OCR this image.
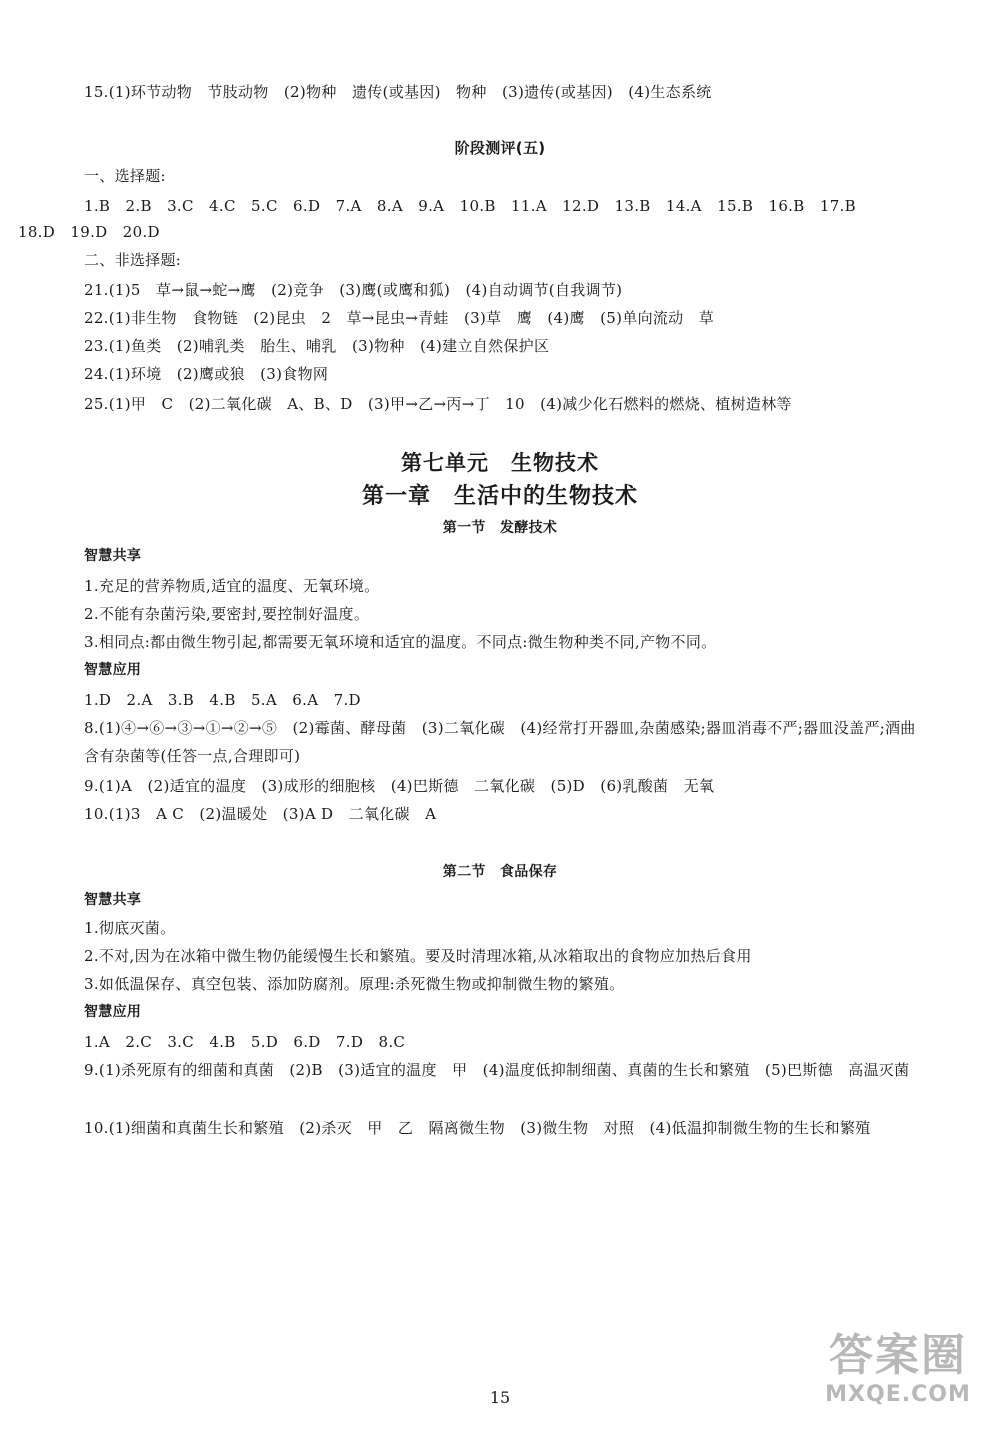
15.(1)环节动物　节肢动物　(2)物种　遗传(或基因)　物种　(3)遗传(或基因)　(4)生态系统
阶段测评(五)
一、选择题:
1.B　2.B　3.C　4.C　5.C　6.D　7.A　8.A　9.A　10.B　11.A　12.D　13.B　14.A　15.B　16.B　17.B
18.D　19.D　20.D
二、非选择题:
21.(1)5　草→鼠→蛇→鹰　(2)竞争　(3)鹰(或鹰和狐)　(4)自动调节(自我调节)
22.(1)非生物　食物链　(2)昆虫　2　草→昆虫→青蛙　(3)草　鹰　(4)鹰　(5)单向流动　草
23.(1)鱼类　(2)哺乳类　胎生、哺乳　(3)物种　(4)建立自然保护区
24.(1)环境　(2)鹰或狼　(3)食物网
25.(1)甲　C　(2)二氧化碳　A、B、D　(3)甲→乙→丙→丁　10　(4)减少化石燃料的燃烧、植树造林等
第七单元　生物技术
第一章　生活中的生物技术
第一节　发酵技术
智慧共享
1.充足的营养物质,适宜的温度、无氧环境。
2.不能有杂菌污染,要密封,要控制好温度。
3.相同点:都由微生物引起,都需要无氧环境和适宜的温度。不同点:微生物种类不同,产物不同。
智慧应用
1.D　2.A　3.B　4.B　5.A　6.A　7.D
8.(1)④→⑥→③→①→②→⑤　(2)霉菌、酵母菌　(3)二氧化碳　(4)经常打开器皿,杂菌感染;器皿消毒不严;器皿没盖严;酒曲含有杂菌等(任答一点,合理即可)
9.(1)A　(2)适宜的温度　(3)成形的细胞核　(4)巴斯德　二氧化碳　(5)D　(6)乳酸菌　无氧
10.(1)3　A C　(2)温暖处　(3)A D　二氧化碳　A
第二节　食品保存
智慧共享
1.彻底灭菌。
2.不对,因为在冰箱中微生物仍能缓慢生长和繁殖。要及时清理冰箱,从冰箱取出的食物应加热后食用
3.如低温保存、真空包装、添加防腐剂。原理:杀死微生物或抑制微生物的繁殖。
智慧应用
1.A　2.C　3.C　4.B　5.D　6.D　7.D　8.C
9.(1)杀死原有的细菌和真菌　(2)B　(3)适宜的温度　甲　(4)温度低抑制细菌、真菌的生长和繁殖　(5)巴斯德　高温灭菌
10.(1)细菌和真菌生长和繁殖　(2)杀灭　甲　乙　隔离微生物　(3)微生物　对照　(4)低温抑制微生物的生长和繁殖
15
答案圈
MXQE.COM
